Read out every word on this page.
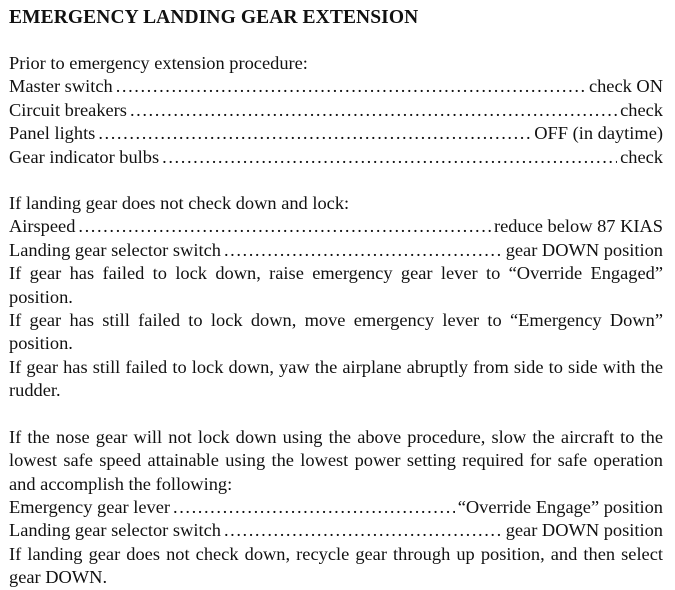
EMERGENCY LANDING GEAR EXTENSION
Prior to emergency extension procedure:
Master switch .....	check ON
Circuit breakers .....	check
Panel lights .....	OFF (in daytime)
Gear indicator bulbs .....	check
If landing gear does not check down and lock:
Airspeed .....	reduce below 87 KIAS
Landing gear selector switch .....	gear DOWN position
If gear has failed to lock down, raise emergency gear lever to “Override Engaged” position.
If gear has still failed to lock down, move emergency lever to “Emergency Down” position.
If gear has still failed to lock down, yaw the airplane abruptly from side to side with the rudder.
If the nose gear will not lock down using the above procedure, slow the aircraft to the lowest safe speed attainable using the lowest power setting required for safe operation and accomplish the following:
Emergency gear lever .....	“Override Engage” position
Landing gear selector switch .....	gear DOWN position
If landing gear does not check down, recycle gear through up position, and then select gear DOWN.
